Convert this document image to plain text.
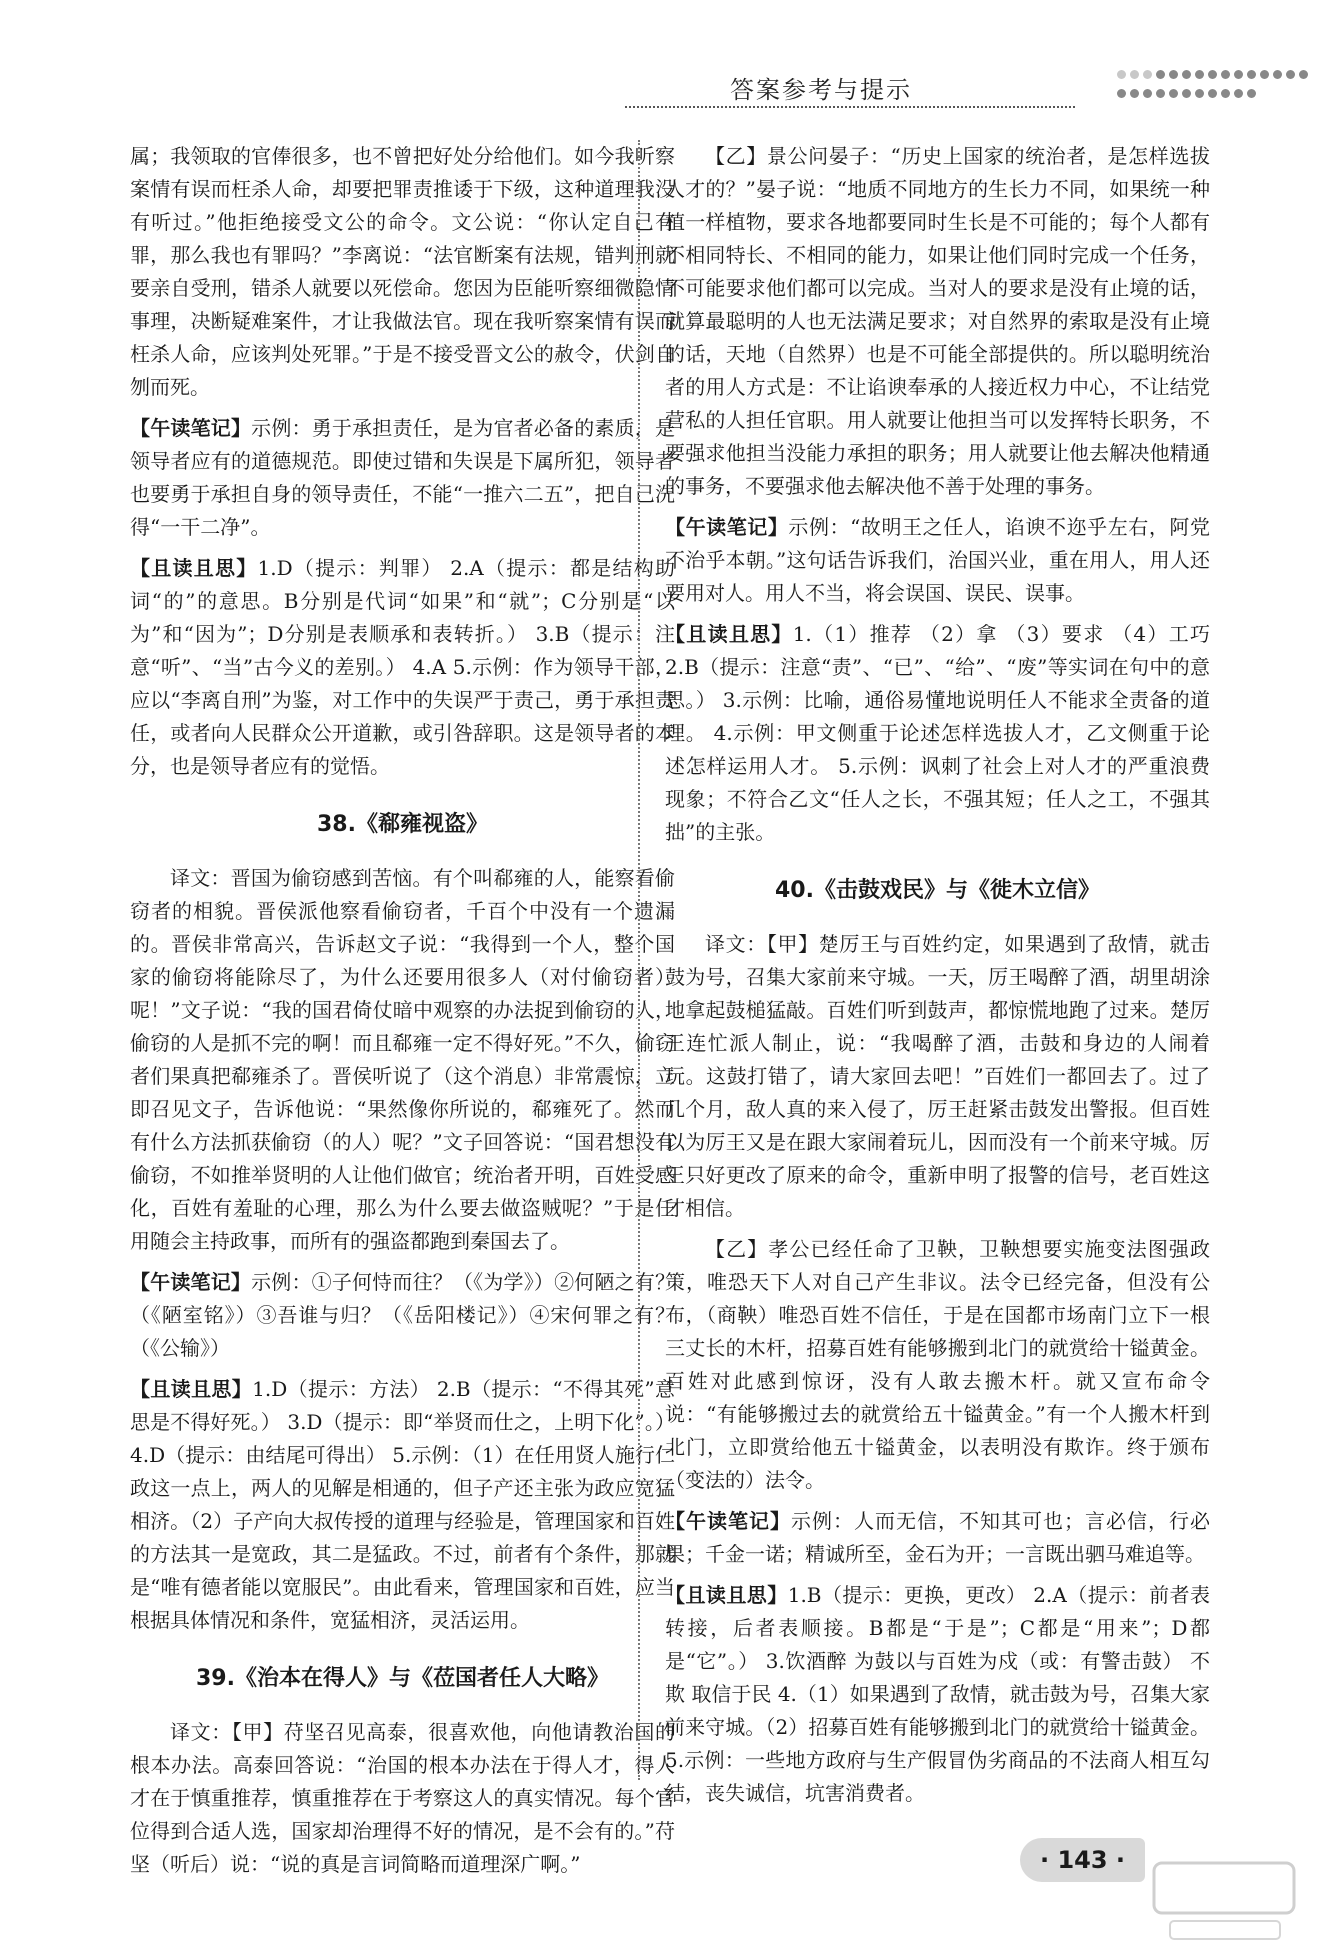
答案参考与提示

属；我领取的官俸很多，也不曾把好处分给他们。如今我听察案情有误而枉杀人命，却要把罪责推诿于下级，这种道理我没有听过。”他拒绝接受文公的命令。文公说：“你认定自己有罪，那么我也有罪吗？”李离说：“法官断案有法规，错判刑就要亲自受刑，错杀人就要以死偿命。您因为臣能听察细微隐情事理，决断疑难案件，才让我做法官。现在我听察案情有误而枉杀人命，应该判处死罪。”于是不接受晋文公的赦令，伏剑自刎而死。

【午读笔记】示例：勇于承担责任，是为官者必备的素质，是领导者应有的道德规范。即使过错和失误是下属所犯，领导者也要勇于承担自身的领导责任，不能“一推六二五”，把自己洗得“一干二净”。

【且读且思】1.D（提示：判罪） 2.A（提示：都是结构助词“的”的意思。B分别是代词“如果”和“就”；C分别是“以为”和“因为”；D分别是表顺承和表转折。） 3.B（提示：注意“听”、“当”古今义的差别。） 4.A 5.示例：作为领导干部，应以“李离自刑”为鉴，对工作中的失误严于责己，勇于承担责任，或者向人民群众公开道歉，或引咎辞职。这是领导者的本分，也是领导者应有的觉悟。

38.《郗雍视盗》

译文：晋国为偷窃感到苦恼。有个叫郗雍的人，能察看偷窃者的相貌。晋侯派他察看偷窃者，千百个中没有一个遗漏的。晋侯非常高兴，告诉赵文子说：“我得到一个人，整个国家的偷窃将能除尽了，为什么还要用很多人（对付偷窃者）呢！”文子说：“我的国君倚仗暗中观察的办法捉到偷窃的人，偷窃的人是抓不完的啊！而且郗雍一定不得好死。”不久，偷窃者们果真把郗雍杀了。晋侯听说了（这个消息）非常震惊，立即召见文子，告诉他说：“果然像你所说的，郗雍死了。然而有什么方法抓获偷窃（的人）呢？”文子回答说：“国君想没有偷窃，不如推举贤明的人让他们做官；统治者开明，百姓受感化，百姓有羞耻的心理，那么为什么要去做盗贼呢？”于是任用随会主持政事，而所有的强盗都跑到秦国去了。

【午读笔记】示例：①子何恃而往？（《为学》）②何陋之有？（《陋室铭》）③吾谁与归？（《岳阳楼记》）④宋何罪之有？（《公输》）

【且读且思】1.D（提示：方法） 2.B（提示：“不得其死”意思是不得好死。） 3.D（提示：即“举贤而仕之，上明下化”。） 4.D（提示：由结尾可得出） 5.示例：（1）在任用贤人施行仁政这一点上，两人的见解是相通的，但子产还主张为政应宽猛相济。（2）子产向大叔传授的道理与经验是，管理国家和百姓的方法其一是宽政，其二是猛政。不过，前者有个条件，那就是“唯有德者能以宽服民”。由此看来，管理国家和百姓，应当根据具体情况和条件，宽猛相济，灵活运用。

39.《治本在得人》与《莅国者任人大略》

译文：【甲】苻坚召见高泰，很喜欢他，向他请教治国的根本办法。高泰回答说：“治国的根本办法在于得人才，得人才在于慎重推荐，慎重推荐在于考察这人的真实情况。每个官位得到合适人选，国家却治理得不好的情况，是不会有的。”苻坚（听后）说：“说的真是言词简略而道理深广啊。”

【乙】景公问晏子：“历史上国家的统治者，是怎样选拔人才的？”晏子说：“地质不同地方的生长力不同，如果统一种植一样植物，要求各地都要同时生长是不可能的；每个人都有不相同特长、不相同的能力，如果让他们同时完成一个任务，不可能要求他们都可以完成。当对人的要求是没有止境的话，就算最聪明的人也无法满足要求；对自然界的索取是没有止境的话，天地（自然界）也是不可能全部提供的。所以聪明统治者的用人方式是：不让谄谀奉承的人接近权力中心，不让结党营私的人担任官职。用人就要让他担当可以发挥特长职务，不要强求他担当没能力承担的职务；用人就要让他去解决他精通的事务，不要强求他去解决他不善于处理的事务。

【午读笔记】示例：“故明王之任人，谄谀不迩乎左右，阿党不治乎本朝。”这句话告诉我们，治国兴业，重在用人，用人还要用对人。用人不当，将会误国、误民、误事。

【且读且思】1.（1）推荐 （2）拿 （3）要求 （4）工巧 2.B（提示：注意“责”、“已”、“给”、“废”等实词在句中的意思。） 3.示例：比喻，通俗易懂地说明任人不能求全责备的道理。 4.示例：甲文侧重于论述怎样选拔人才，乙文侧重于论述怎样运用人才。 5.示例：讽刺了社会上对人才的严重浪费现象；不符合乙文“任人之长，不强其短；任人之工，不强其拙”的主张。

40.《击鼓戏民》与《徙木立信》

译文：【甲】楚厉王与百姓约定，如果遇到了敌情，就击鼓为号，召集大家前来守城。一天，厉王喝醉了酒，胡里胡涂地拿起鼓槌猛敲。百姓们听到鼓声，都惊慌地跑了过来。楚厉王连忙派人制止，说：“我喝醉了酒，击鼓和身边的人闹着玩。这鼓打错了，请大家回去吧！”百姓们一都回去了。过了几个月，敌人真的来入侵了，厉王赶紧击鼓发出警报。但百姓以为厉王又是在跟大家闹着玩儿，因而没有一个前来守城。厉王只好更改了原来的命令，重新申明了报警的信号，老百姓这才相信。

【乙】孝公已经任命了卫鞅，卫鞅想要实施变法图强政策，唯恐天下人对自己产生非议。法令已经完备，但没有公布，（商鞅）唯恐百姓不信任，于是在国都市场南门立下一根三丈长的木杆，招募百姓有能够搬到北门的就赏给十镒黄金。百姓对此感到惊讶，没有人敢去搬木杆。就又宣布命令说：“有能够搬过去的就赏给五十镒黄金。”有一个人搬木杆到北门，立即赏给他五十镒黄金，以表明没有欺诈。终于颁布（变法的）法令。

【午读笔记】示例：人而无信，不知其可也；言必信，行必果；千金一诺；精诚所至，金石为开；一言既出驷马难追等。

【且读且思】1.B（提示：更换，更改） 2.A（提示：前者表转接，后者表顺接。B都是“于是”；C都是“用来”；D都是“它”。） 3.饮酒醉 为鼓以与百姓为戍（或：有警击鼓） 不欺 取信于民 4.（1）如果遇到了敌情，就击鼓为号，召集大家前来守城。（2）招募百姓有能够搬到北门的就赏给十镒黄金。 5.示例：一些地方政府与生产假冒伪劣商品的不法商人相互勾结，丧失诚信，坑害消费者。

· 143 ·
